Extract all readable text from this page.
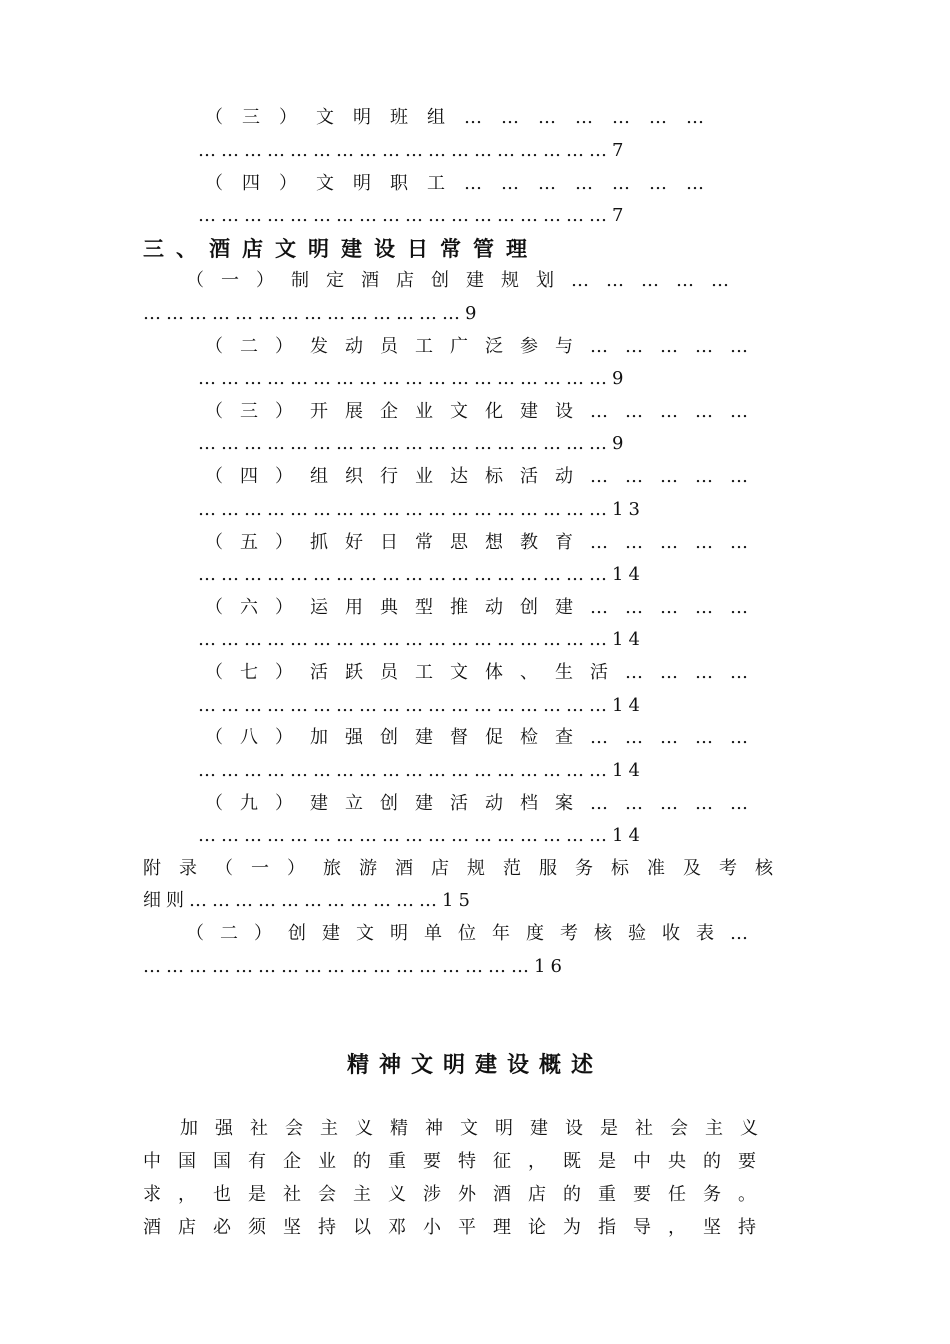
（三）文明班组…………………
………………………………………………7
（四）文明职工…………………
………………………………………………7
三、酒店文明建设日常管理
（一）制定酒店创建规划……………
……………………………………9
（二）发动员工广泛参与……………
………………………………………………9
（三）开展企业文化建设……………
………………………………………………9
（四）组织行业达标活动……………
………………………………………………13
（五）抓好日常思想教育……………
………………………………………………14
（六）运用典型推动创建……………
………………………………………………14
（七）活跃员工文体、生活…………
………………………………………………14
（八）加强创建督促检查……………
………………………………………………14
（九）建立创建活动档案……………
………………………………………………14
附录（一）旅游酒店规范服务标准及考核
细则……………………………15
（二）创建文明单位年度考核验收表…
……………………………………………16
精神文明建设概述
加强社会主义精神文明建设是社会主义
中国国有企业的重要特征，既是中央的要
求，也是社会主义涉外酒店的重要任务。
酒店必须坚持以邓小平理论为指导，坚持
